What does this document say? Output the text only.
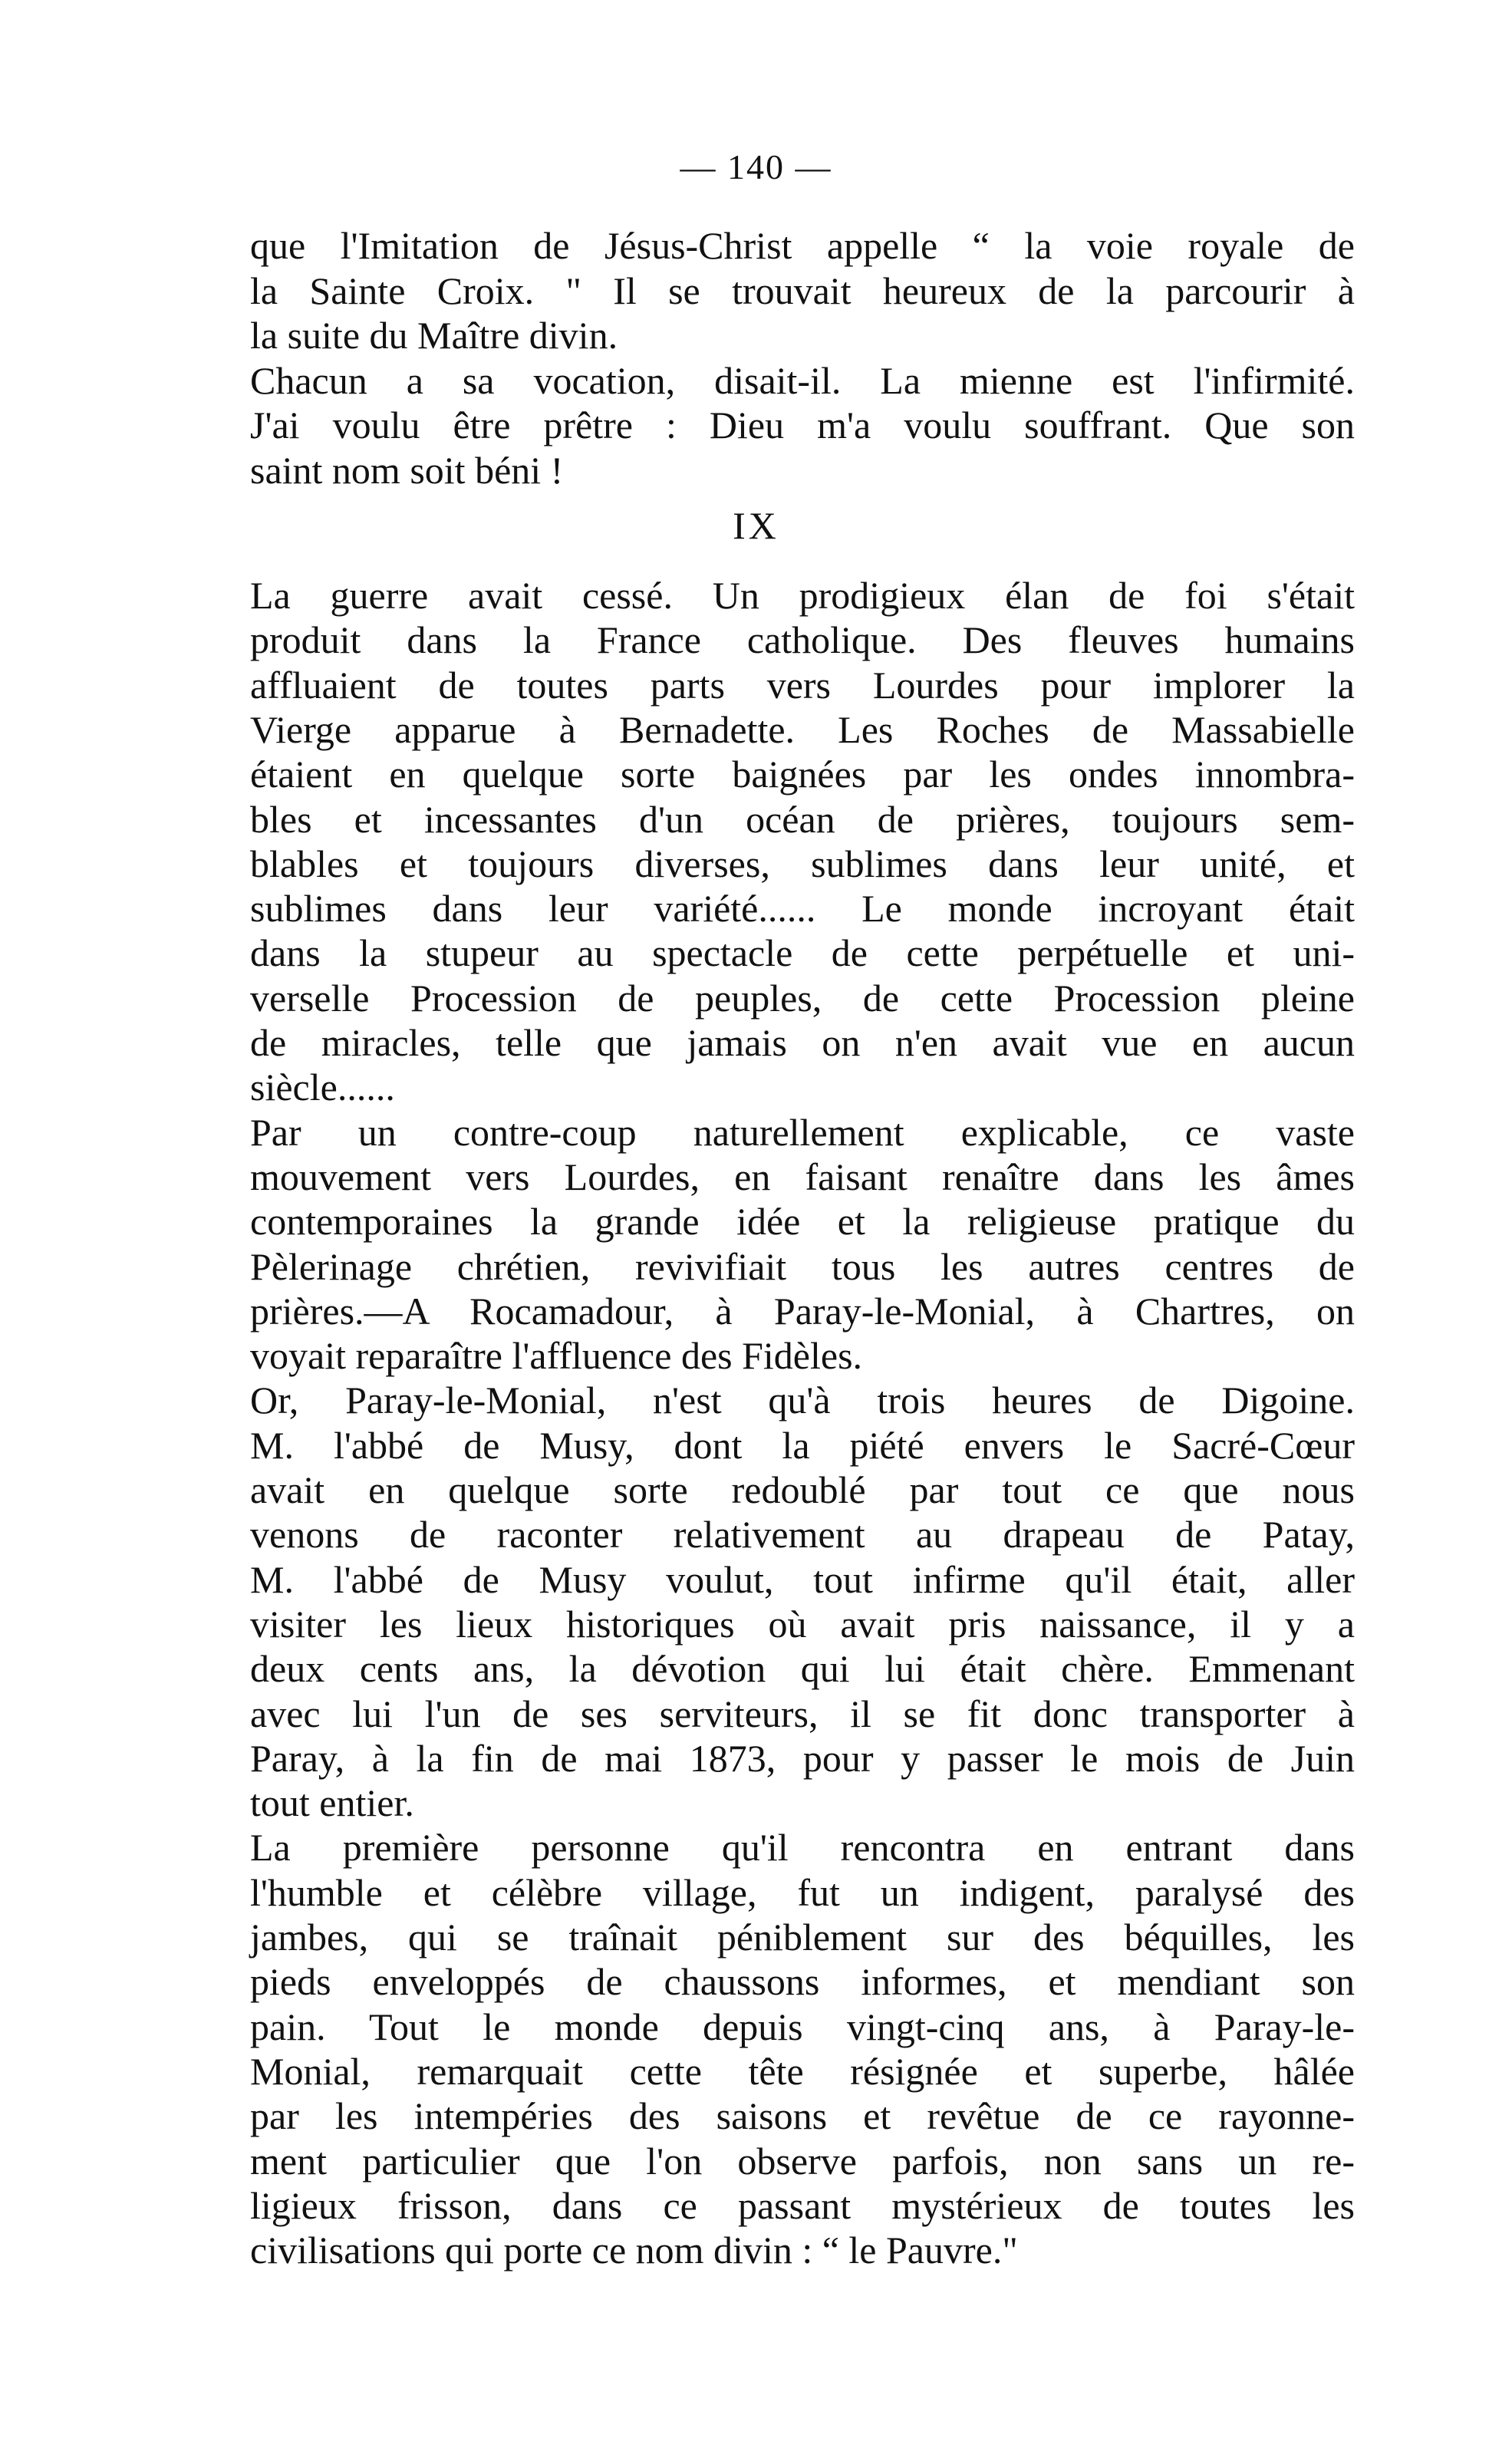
— 140 —
que l'Imitation de Jésus-Christ appelle “ la voie royale de
la Sainte Croix. " Il se trouvait heureux de la parcourir à
la suite du Maître divin.
Chacun a sa vocation, disait-il. La mienne est l'infirmité.
J'ai voulu être prêtre : Dieu m'a voulu souffrant. Que son
saint nom soit béni !
IX
La guerre avait cessé. Un prodigieux élan de foi s'était
produit dans la France catholique. Des fleuves humains
affluaient de toutes parts vers Lourdes pour implorer la
Vierge apparue à Bernadette. Les Roches de Massabielle
étaient en quelque sorte baignées par les ondes innombra-
bles et incessantes d'un océan de prières, toujours sem-
blables et toujours diverses, sublimes dans leur unité, et
sublimes dans leur variété...... Le monde incroyant était
dans la stupeur au spectacle de cette perpétuelle et uni-
verselle Procession de peuples, de cette Procession pleine
de miracles, telle que jamais on n'en avait vue en aucun
siècle......
Par un contre-coup naturellement explicable, ce vaste
mouvement vers Lourdes, en faisant renaître dans les âmes
contemporaines la grande idée et la religieuse pratique du
Pèlerinage chrétien, revivifiait tous les autres centres de
prières.—A Rocamadour, à Paray-le-Monial, à Chartres, on
voyait reparaître l'affluence des Fidèles.
Or, Paray-le-Monial, n'est qu'à trois heures de Digoine.
M. l'abbé de Musy, dont la piété envers le Sacré-Cœur
avait en quelque sorte redoublé par tout ce que nous
venons de raconter relativement au drapeau de Patay,
M. l'abbé de Musy voulut, tout infirme qu'il était, aller
visiter les lieux historiques où avait pris naissance, il y a
deux cents ans, la dévotion qui lui était chère. Emmenant
avec lui l'un de ses serviteurs, il se fit donc transporter à
Paray, à la fin de mai 1873, pour y passer le mois de Juin
tout entier.
La première personne qu'il rencontra en entrant dans
l'humble et célèbre village, fut un indigent, paralysé des
jambes, qui se traînait péniblement sur des béquilles, les
pieds enveloppés de chaussons informes, et mendiant son
pain. Tout le monde depuis vingt-cinq ans, à Paray-le-
Monial, remarquait cette tête résignée et superbe, hâlée
par les intempéries des saisons et revêtue de ce rayonne-
ment particulier que l'on observe parfois, non sans un re-
ligieux frisson, dans ce passant mystérieux de toutes les
civilisations qui porte ce nom divin : “ le Pauvre."
